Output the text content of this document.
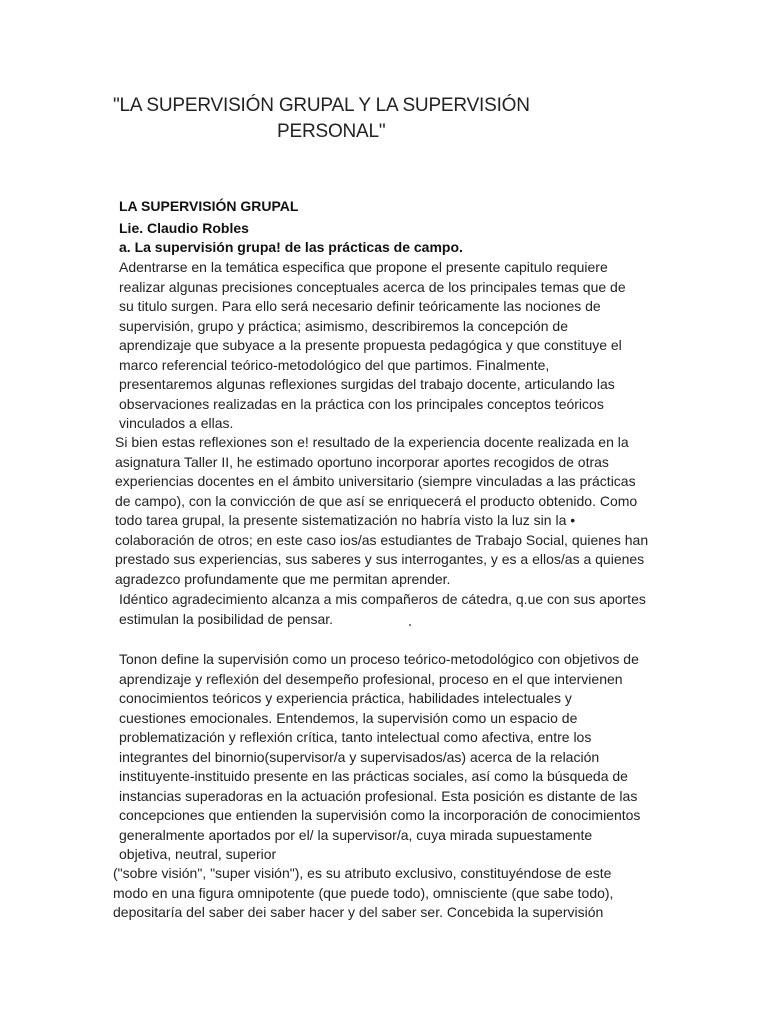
"LA SUPERVISIÓN GRUPAL Y LA SUPERVISIÓN
PERSONAL"
LA SUPERVISIÓN GRUPAL
Lie. Claudio Robles
a. La supervisión grupa! de las prácticas de campo.
Adentrarse en la temática especifica que propone el presente capitulo requiere
realizar algunas precisiones conceptuales acerca de los principales temas que de
su titulo surgen. Para ello será necesario definir teóricamente las nociones de
supervisión, grupo y práctica; asimismo, describiremos la concepción de
aprendizaje que subyace a la presente propuesta pedagógica y que constituye el
marco referencial teórico-metodológico del que partimos. Finalmente,
presentaremos algunas reflexiones surgidas del trabajo docente, articulando las
observaciones realizadas en la práctica con los principales conceptos teóricos
vinculados a ellas.
Si bien estas reflexiones son e! resultado de la experiencia docente realizada en la
asignatura Taller II, he estimado oportuno incorporar aportes recogidos de otras
experiencias docentes en el ámbito universitario (siempre vinculadas a las prácticas
de campo), con la convicción de que así se enriquecerá el producto obtenido. Como
todo tarea grupal, la presente sistematización no habría visto la luz sin la •
colaboración de otros; en este caso ios/as estudiantes de Trabajo Social, quienes han
prestado sus experiencias, sus saberes y sus interrogantes, y es a ellos/as a quienes
agradezco profundamente que me permitan aprender.
Idéntico agradecimiento alcanza a mis compañeros de cátedra, q.ue con sus aportes
estimulan la posibilidad de pensar.
Tonon define la supervisión como un proceso teórico-metodológico con objetivos de
aprendizaje y reflexión del desempeño profesional, proceso en el que intervienen
conocimientos teóricos y experiencia práctica, habilidades intelectuales y
cuestiones emocionales. Entendemos, la supervisión como un espacio de
problematización y reflexión crítica, tanto intelectual como afectiva, entre los
integrantes del binornio(supervisor/a y supervisados/as) acerca de la relación
instituyente-instituido presente en las prácticas sociales, así como la búsqueda de
instancias superadoras en la actuación profesional. Esta posición es distante de las
concepciones que entienden la supervisión como la incorporación de conocimientos
generalmente aportados por el/ la supervisor/a, cuya mirada supuestamente
objetiva, neutral, superior
("sobre visión", "super visión"), es su atributo exclusivo, constituyéndose de este
modo en una figura omnipotente (que puede todo), omnisciente (que sabe todo),
depositaría del saber dei saber hacer y del saber ser. Concebida la supervisión
